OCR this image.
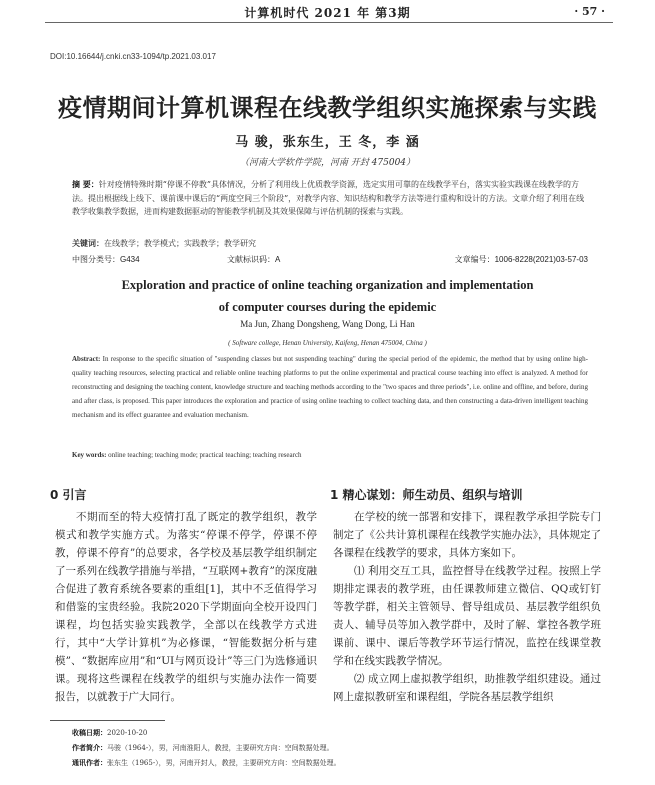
计算机时代 2021 年 第3期	· 57 ·
DOI:10.16644/j.cnki.cn33-1094/tp.2021.03.017
疫情期间计算机课程在线教学组织实施探索与实践
马 骏，张东生，王 冬，李 涵
（河南大学软件学院，河南 开封 475004）
摘 要：针对疫情特殊时期“停课不停教”具体情况，分析了利用线上优质教学资源，选定实用可靠的在线教学平台，落实实验实践课在线教学的方法。提出根据线上线下、课前课中课后的“两度空间三个阶段”，对教学内容、知识结构和教学方法等进行重构和设计的方法。文章介绍了利用在线教学收集教学数据，进而构建数据驱动的智能教学机制及其效果保障与评估机制的探索与实践。
关键词：在线教学；教学模式；实践教学；教学研究
中图分类号：G434	文献标识码：A	文章编号：1006-8228(2021)03-57-03
Exploration and practice of online teaching organization and implementation
of computer courses during the epidemic
Ma Jun, Zhang Dongsheng, Wang Dong, Li Han
( Software college, Henan University, Kaifeng, Henan 475004, China )
Abstract: In response to the specific situation of "suspending classes but not suspending teaching" during the special period of the epidemic, the method that by using online high-quality teaching resources, selecting practical and reliable online teaching platforms to put the online experimental and practical course teaching into effect is analyzed. A method for reconstructing and designing the teaching content, knowledge structure and teaching methods according to the "two spaces and three periods", i.e. online and offline, and before, during and after class, is proposed. This paper introduces the exploration and practice of using online teaching to collect teaching data, and then constructing a data-driven intelligent teaching mechanism and its effect guarantee and evaluation mechanism.
Key words: online teaching; teaching mode; practical teaching; teaching research
0 引言

不期而至的特大疫情打乱了既定的教学组织，教学模式和教学实施方式。为落实“停课不停学，停课不停教，停课不停育”的总要求，各学校及基层教学组织制定了一系列在线教学措施与举措，“互联网+教育”的深度融合促进了教育系统各要素的重组[1]，其中不乏值得学习和借鉴的宝贵经验。我院2020下学期面向全校开设四门课程，均包括实验实践教学，全部以在线教学方式进行，其中“大学计算机”为必修课，“智能数据分析与建模”、“数据库应用”和“UI与网页设计”等三门为选修通识课。现将这些课程在线教学的组织与实施办法作一简要报告，以就教于广大同行。

1 精心谋划：师生动员、组织与培训

在学校的统一部署和安排下，课程教学承担学院专门制定了《公共计算机课程在线教学实施办法》，具体规定了各课程在线教学的要求，具体方案如下。

⑴ 利用交互工具，监控督导在线教学过程。按照上学期排定课表的教学班，由任课教师建立微信、QQ或钉钉等教学群，相关主管领导、督导组成员、基层教学组织负责人、辅导员等加入教学群中，及时了解、掌控各教学班课前、课中、课后等教学环节运行情况，监控在线课堂教学和在线实践教学情况。

⑵ 成立网上虚拟教学组织，助推教学组织建设。通过网上虚拟教研室和课程组，学院各基层教学组织

收稿日期：2020-10-20
作者简介：马骏（1964-），男，河南淮阳人，教授，主要研究方向：空间数据处理。
通讯作者：张东生（1965-），男，河南开封人，教授，主要研究方向：空间数据处理。
